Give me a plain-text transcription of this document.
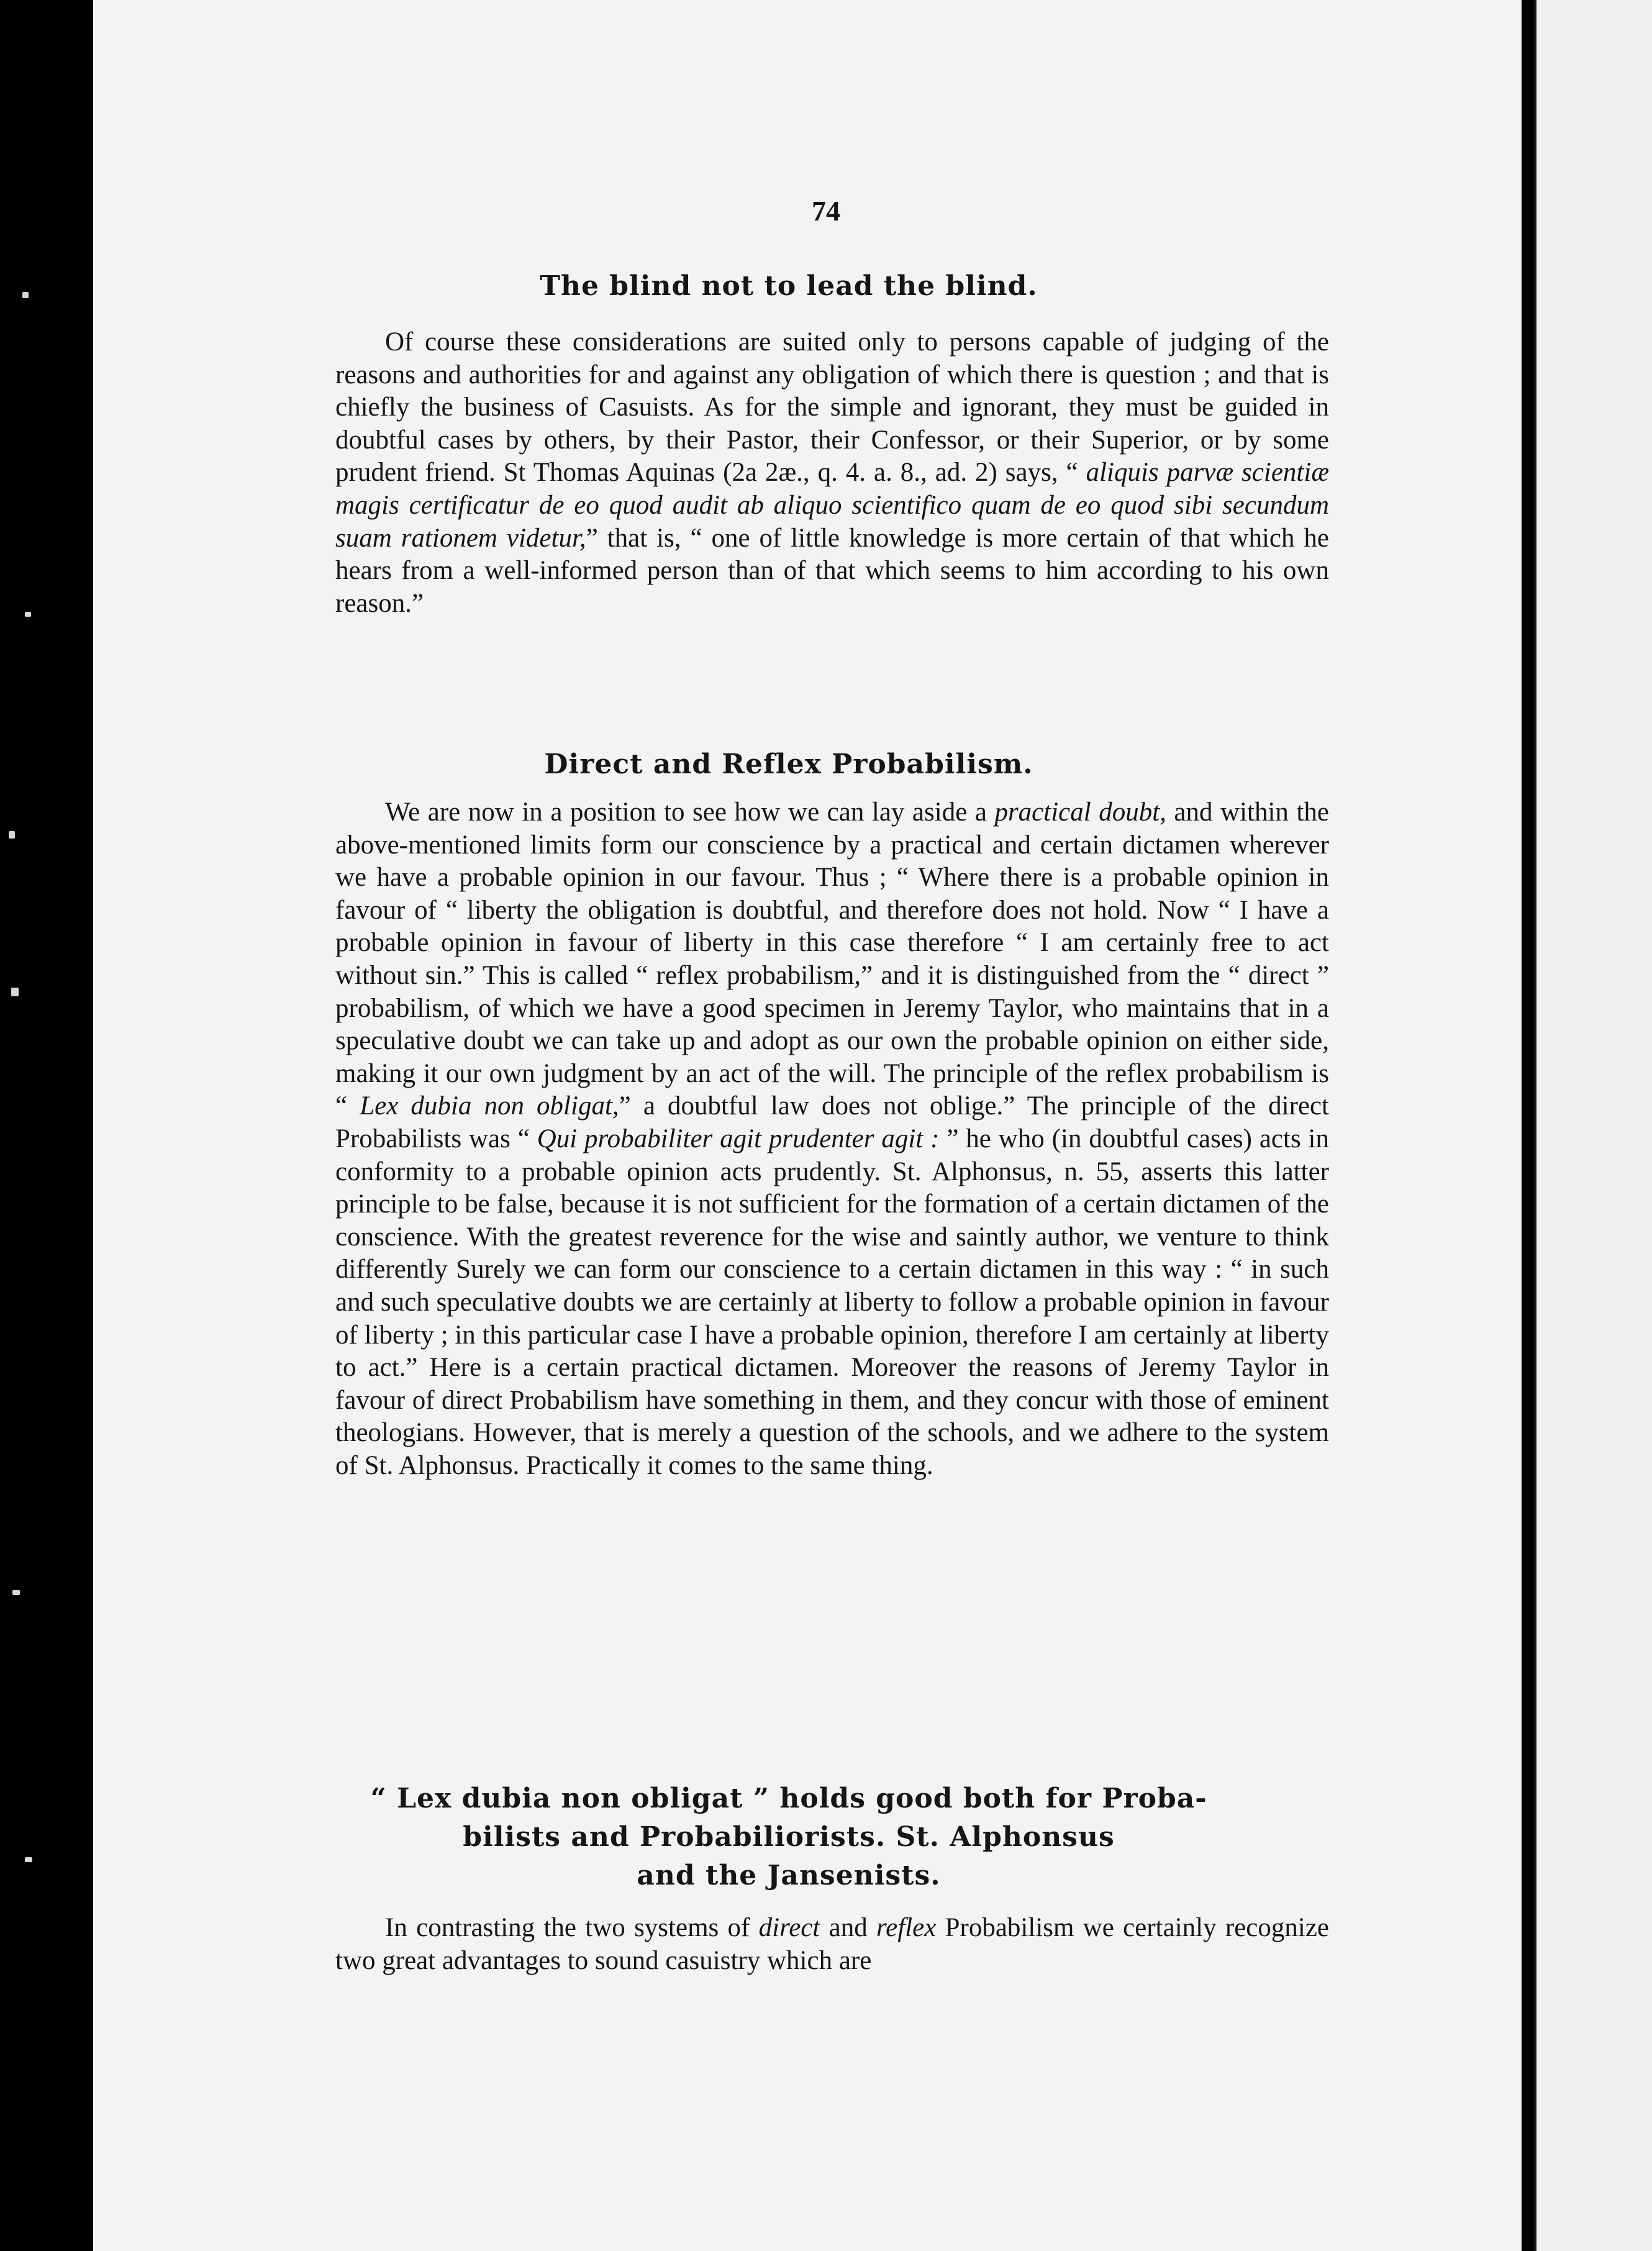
74
The blind not to lead the blind.

Of course these considerations are suited only to persons capable of judging of the reasons and authorities for and against any obligation of which there is question ; and that is chiefly the business of Casuists. As for the simple and ignorant, they must be guided in doubtful cases by others, by their Pastor, their Confessor, or their Superior, or by some prudent friend. St Thomas Aquinas (2a 2æ., q. 4. a. 8., ad. 2) says, “ aliquis parvæ scientiæ magis certificatur de eo quod audit ab aliquo scientifico quam de eo quod sibi secundum suam rationem videtur,” that is, “ one of little knowledge is more certain of that which he hears from a well-informed person than of that which seems to him according to his own reason.”

Direct and Reflex Probabilism.

We are now in a position to see how we can lay aside a practical doubt, and within the above-mentioned limits form our conscience by a practical and certain dictamen wherever we have a probable opinion in our favour. Thus ; “ Where there is a probable opinion in favour of “ liberty the obligation is doubtful, and therefore does not hold. Now “ I have a probable opinion in favour of liberty in this case therefore “ I am certainly free to act without sin.” This is called “ reflex probabilism,” and it is distinguished from the “ direct ” probabilism, of which we have a good specimen in Jeremy Taylor, who maintains that in a speculative doubt we can take up and adopt as our own the probable opinion on either side, making it our own judgment by an act of the will. The principle of the reflex probabilism is “ Lex dubia non obligat,” a doubtful law does not oblige.” The principle of the direct Probabilists was “ Qui probabiliter agit prudenter agit : ” he who (in doubtful cases) acts in conformity to a probable opinion acts prudently. St. Alphonsus, n. 55, asserts this latter principle to be false, because it is not sufficient for the formation of a certain dictamen of the conscience. With the greatest reverence for the wise and saintly author, we venture to think differently Surely we can form our conscience to a certain dictamen in this way : “ in such and such speculative doubts we are certainly at liberty to follow a probable opinion in favour of liberty ; in this particular case I have a probable opinion, therefore I am certainly at liberty to act.” Here is a certain practical dictamen. Moreover the reasons of Jeremy Taylor in favour of direct Probabilism have something in them, and they concur with those of eminent theologians. However, that is merely a question of the schools, and we adhere to the system of St. Alphonsus. Practically it comes to the same thing.

“ Lex dubia non obligat ” holds good both for Proba-
bilists and Probabiliorists. St. Alphonsus
and the Jansenists.

In contrasting the two systems of direct and reflex Probabilism we certainly recognize two great advantages to sound casuistry which are
